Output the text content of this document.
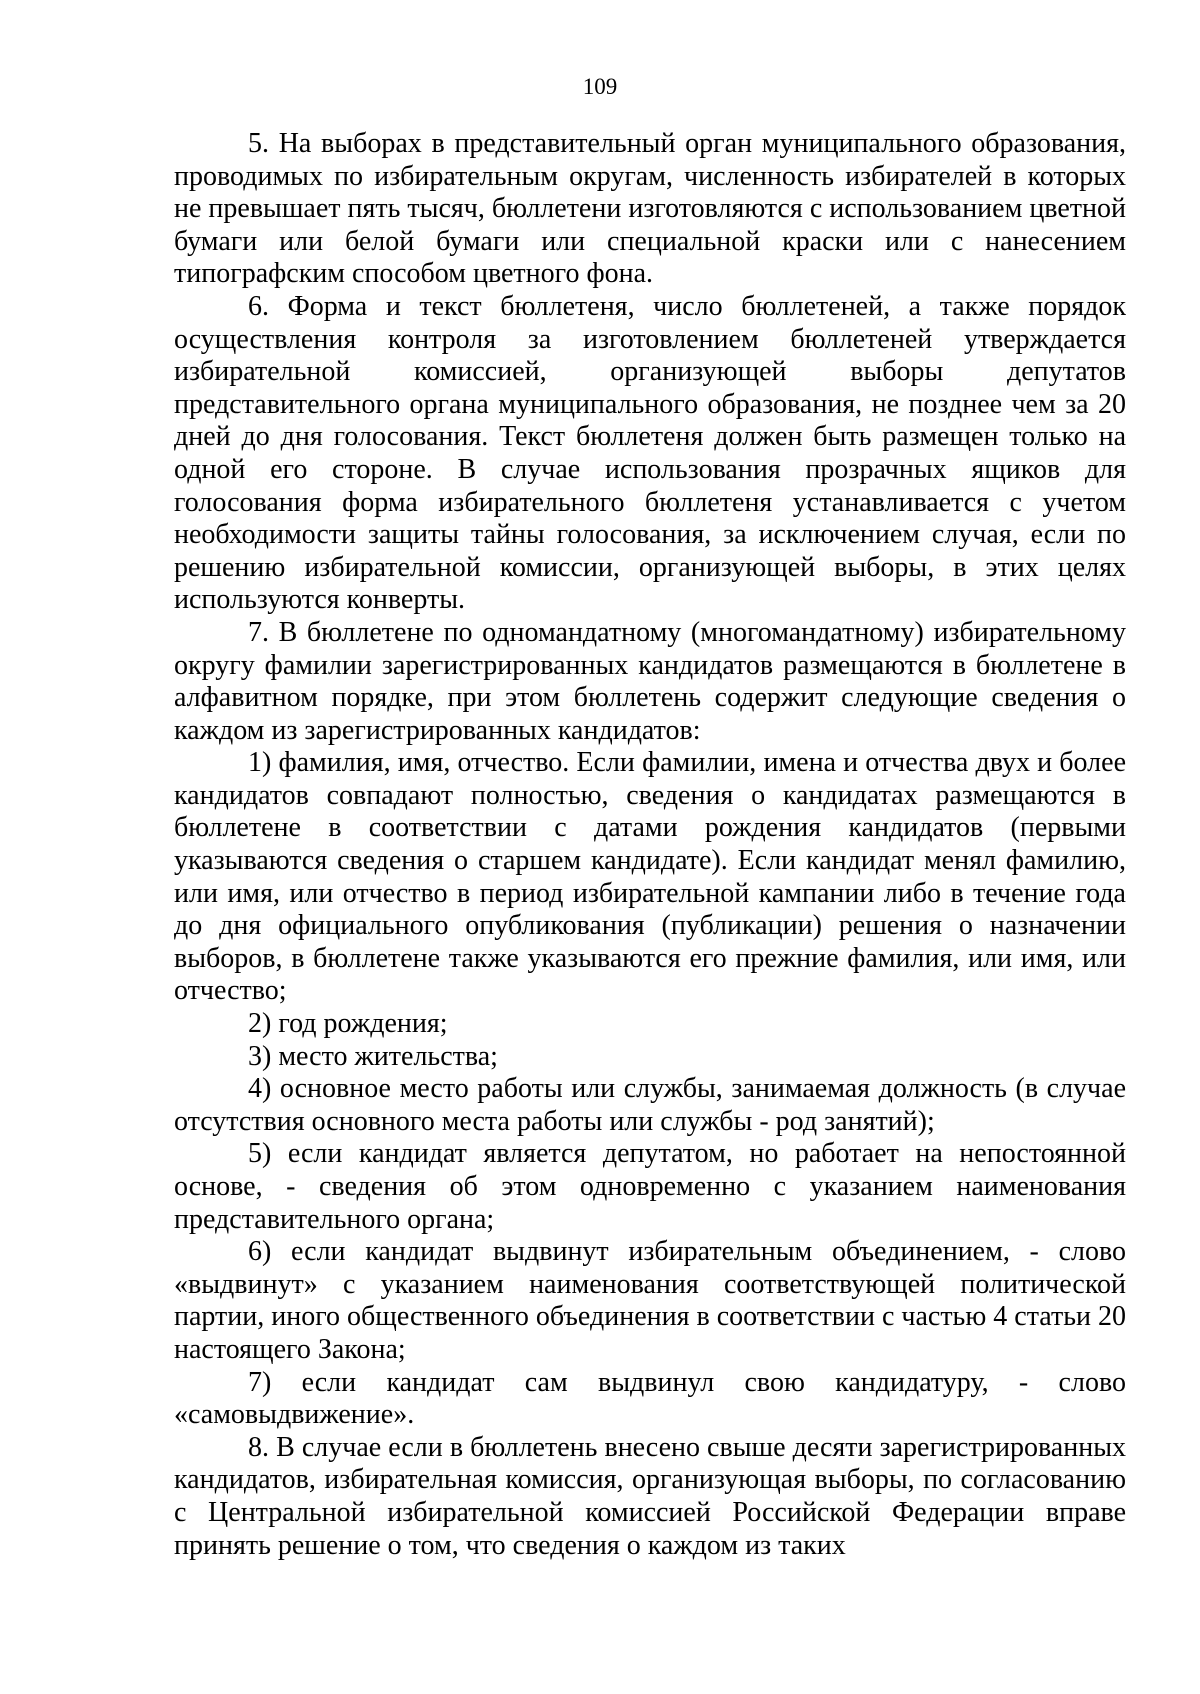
109

5. На выборах в представительный орган муниципального образования, проводимых по избирательным округам, численность избирателей в которых не превышает пять тысяч, бюллетени изготовляются с использованием цветной бумаги или белой бумаги или специальной краски или с нанесением типографским способом цветного фона.

6. Форма и текст бюллетеня, число бюллетеней, а также порядок осуществления контроля за изготовлением бюллетеней утверждается избирательной комиссией, организующей выборы депутатов представительного органа муниципального образования, не позднее чем за 20 дней до дня голосования. Текст бюллетеня должен быть размещен только на одной его стороне. В случае использования прозрачных ящиков для голосования форма избирательного бюллетеня устанавливается с учетом необходимости защиты тайны голосования, за исключением случая, если по решению избирательной комиссии, организующей выборы, в этих целях используются конверты.

7. В бюллетене по одномандатному (многомандатному) избирательному округу фамилии зарегистрированных кандидатов размещаются в бюллетене в алфавитном порядке, при этом бюллетень содержит следующие сведения о каждом из зарегистрированных кандидатов:

1) фамилия, имя, отчество. Если фамилии, имена и отчества двух и более кандидатов совпадают полностью, сведения о кандидатах размещаются в бюллетене в соответствии с датами рождения кандидатов (первыми указываются сведения о старшем кандидате). Если кандидат менял фамилию, или имя, или отчество в период избирательной кампании либо в течение года до дня официального опубликования (публикации) решения о назначении выборов, в бюллетене также указываются его прежние фамилия, или имя, или отчество;

2) год рождения;

3) место жительства;

4) основное место работы или службы, занимаемая должность (в случае отсутствия основного места работы или службы - род занятий);

5) если кандидат является депутатом, но работает на непостоянной основе, - сведения об этом одновременно с указанием наименования представительного органа;

6) если кандидат выдвинут избирательным объединением, - слово «выдвинут» с указанием наименования соответствующей политической партии, иного общественного объединения в соответствии с частью 4 статьи 20 настоящего Закона;

7) если кандидат сам выдвинул свою кандидатуру, - слово «самовыдвижение».

8. В случае если в бюллетень внесено свыше десяти зарегистрированных кандидатов, избирательная комиссия, организующая выборы, по согласованию с Центральной избирательной комиссией Российской Федерации вправе принять решение о том, что сведения о каждом из таких
